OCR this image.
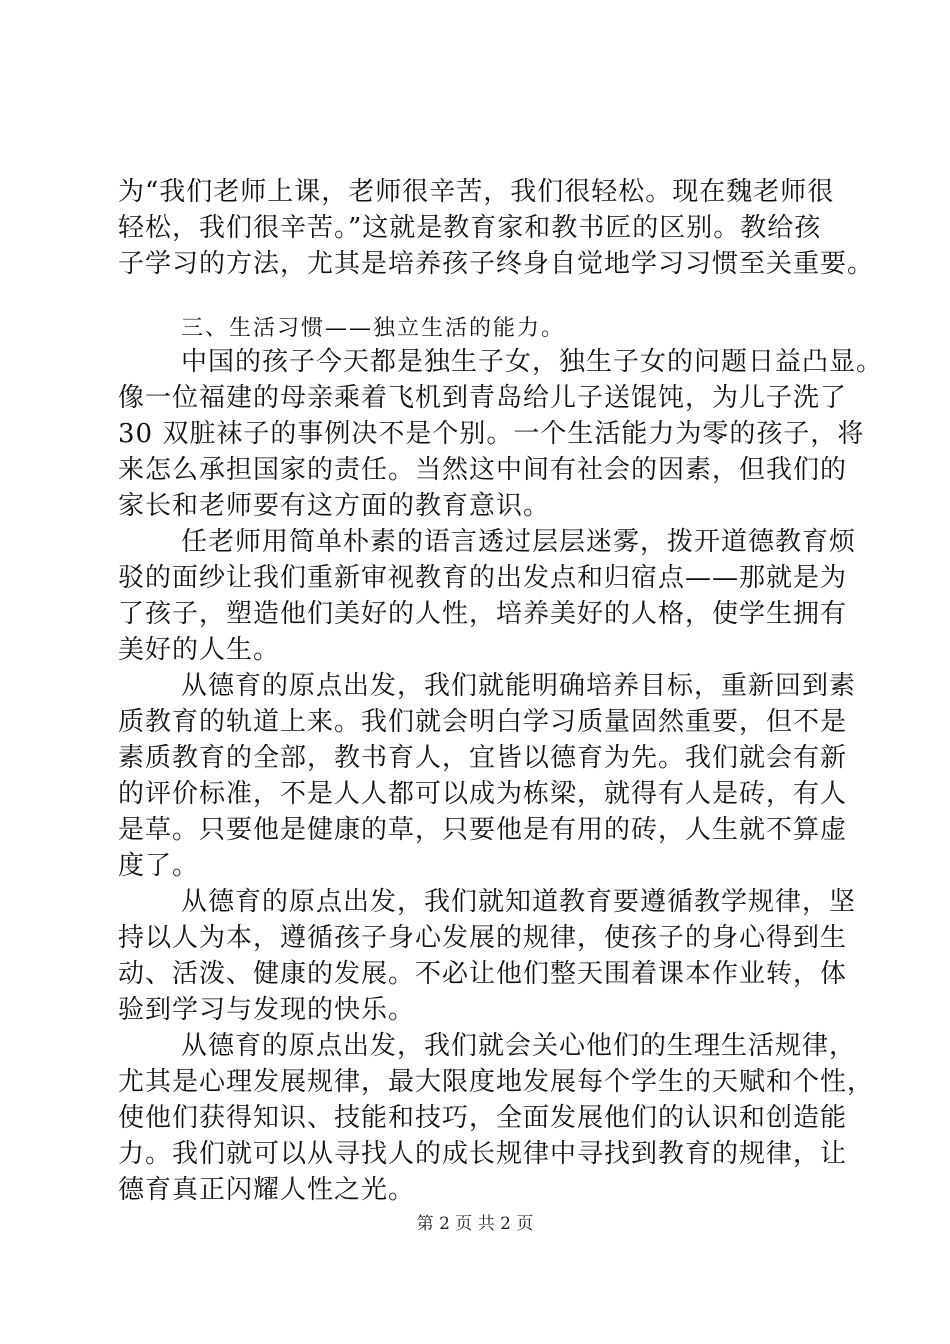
为“我们老师上课，老师很辛苦，我们很轻松。现在魏老师很
轻松，我们很辛苦。”这就是教育家和教书匠的区别。教给孩
子学习的方法，尤其是培养孩子终身自觉地学习习惯至关重要。
三、生活习惯——独立生活的能力。
中国的孩子今天都是独生子女，独生子女的问题日益凸显。
像一位福建的母亲乘着飞机到青岛给儿子送馄饨，为儿子洗了
30 双脏袜子的事例决不是个别。一个生活能力为零的孩子，将
来怎么承担国家的责任。当然这中间有社会的因素，但我们的
家长和老师要有这方面的教育意识。
任老师用简单朴素的语言透过层层迷雾，拨开道德教育烦
驳的面纱让我们重新审视教育的出发点和归宿点——那就是为
了孩子，塑造他们美好的人性，培养美好的人格，使学生拥有
美好的人生。
从德育的原点出发，我们就能明确培养目标，重新回到素
质教育的轨道上来。我们就会明白学习质量固然重要，但不是
素质教育的全部，教书育人，宜皆以德育为先。我们就会有新
的评价标准，不是人人都可以成为栋梁，就得有人是砖，有人
是草。只要他是健康的草，只要他是有用的砖，人生就不算虚
度了。
从德育的原点出发，我们就知道教育要遵循教学规律，坚
持以人为本，遵循孩子身心发展的规律，使孩子的身心得到生
动、活泼、健康的发展。不必让他们整天围着课本作业转，体
验到学习与发现的快乐。
从德育的原点出发，我们就会关心他们的生理生活规律，
尤其是心理发展规律，最大限度地发展每个学生的天赋和个性，
使他们获得知识、技能和技巧，全面发展他们的认识和创造能
力。我们就可以从寻找人的成长规律中寻找到教育的规律，让
德育真正闪耀人性之光。
第 2 页 共 2 页
